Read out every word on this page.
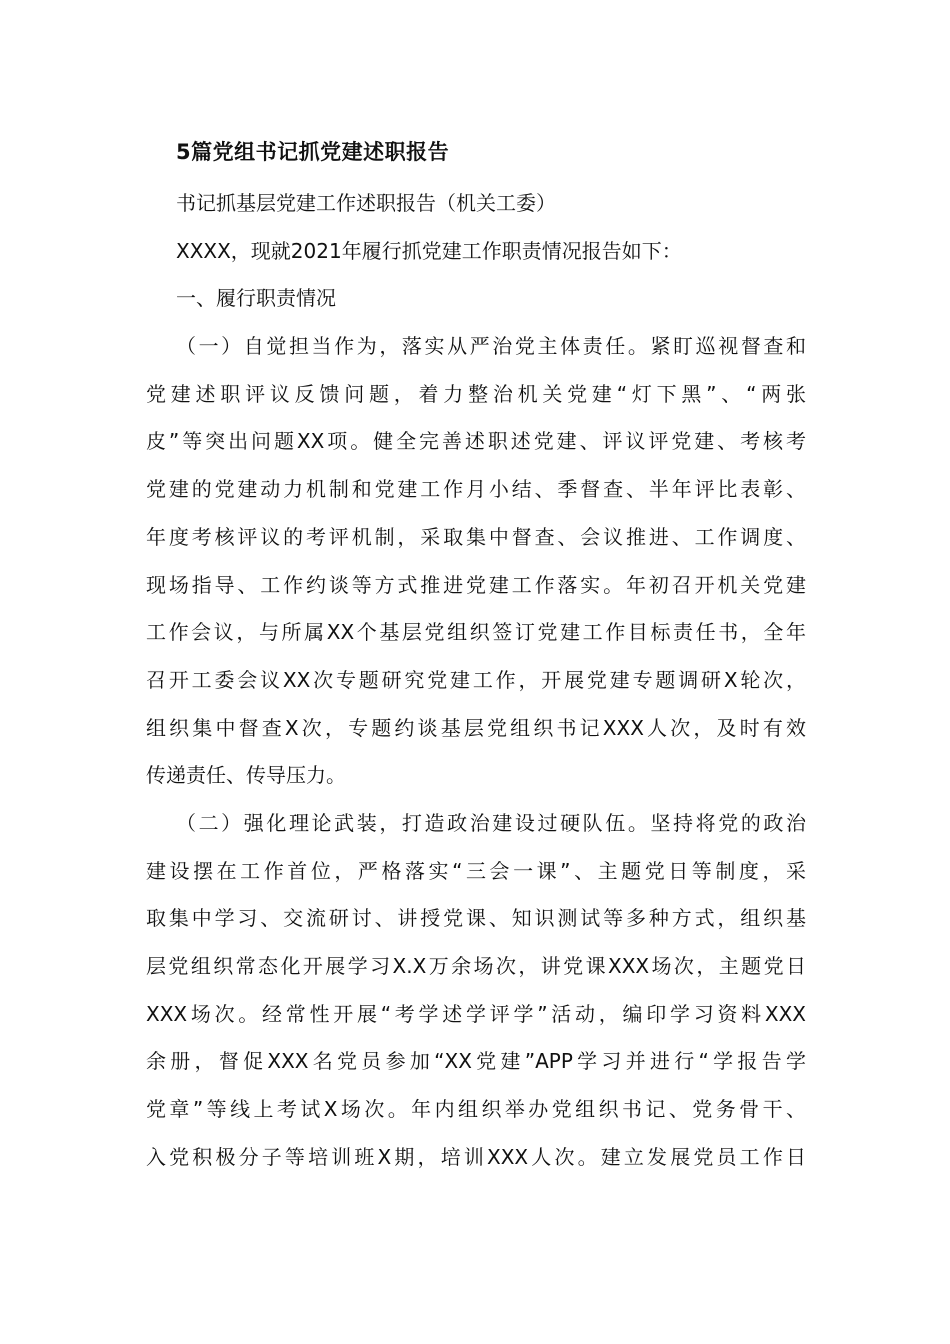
5篇党组书记抓党建述职报告

书记抓基层党建工作述职报告（机关工委）

XXXX，现就2021年履行抓党建工作职责情况报告如下：

一、履行职责情况

（一）自觉担当作为，落实从严治党主体责任。紧盯巡视督查和

党建述职评议反馈问题，着力整治机关党建“灯下黑”、“两张

皮”等突出问题XX项。健全完善述职述党建、评议评党建、考核考

党建的党建动力机制和党建工作月小结、季督查、半年评比表彰、

年度考核评议的考评机制，采取集中督查、会议推进、工作调度、

现场指导、工作约谈等方式推进党建工作落实。年初召开机关党建

工作会议，与所属XX个基层党组织签订党建工作目标责任书，全年

召开工委会议XX次专题研究党建工作，开展党建专题调研X轮次，

组织集中督查X次，专题约谈基层党组织书记XXX人次，及时有效

传递责任、传导压力。

（二）强化理论武装，打造政治建设过硬队伍。坚持将党的政治

建设摆在工作首位，严格落实“三会一课”、主题党日等制度，采

取集中学习、交流研讨、讲授党课、知识测试等多种方式，组织基

层党组织常态化开展学习X.X万余场次，讲党课XXX场次，主题党日

XXX场次。经常性开展“考学述学评学”活动，编印学习资料XXX

余册，督促XXX名党员参加“XX党建”APP学习并进行“学报告学

党章”等线上考试X场次。年内组织举办党组织书记、党务骨干、

入党积极分子等培训班X期，培训XXX人次。建立发展党员工作日
